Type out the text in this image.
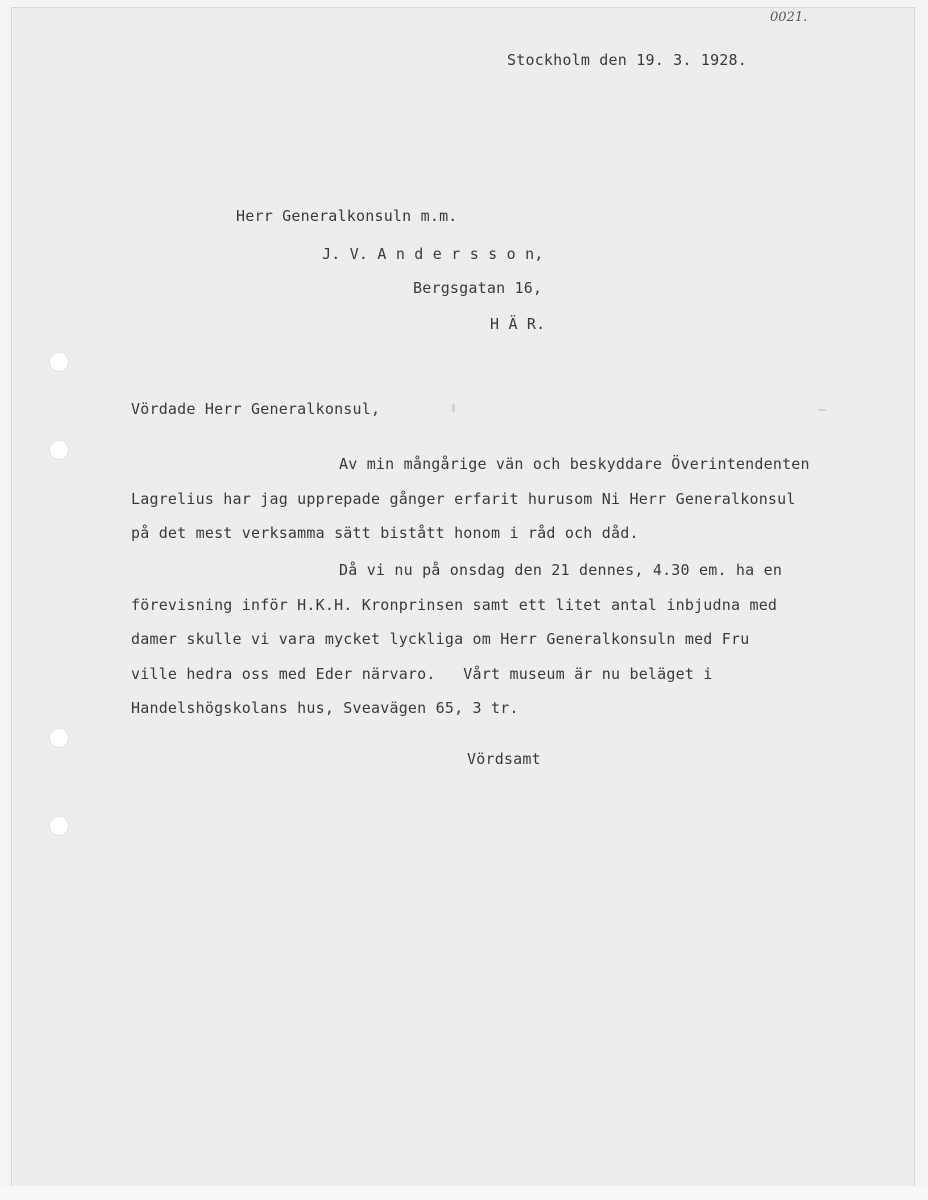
0021.
Stockholm den 19. 3. 1928.
Herr Generalkonsuln m.m.
J. V. A n d e r s s o n,
Bergsgatan 16,
H Ä R.
Vördade Herr Generalkonsul,
Av min mångårige vän och beskyddare Överintendenten
Lagrelius har jag upprepade gånger erfarit hurusom Ni Herr Generalkonsul
på det mest verksamma sätt bistått honom i råd och dåd.
Då vi nu på onsdag den 21 dennes, 4.30 em. ha en
förevisning inför H.K.H. Kronprinsen samt ett litet antal inbjudna med
damer skulle vi vara mycket lyckliga om Herr Generalkonsuln med Fru
ville hedra oss med Eder närvaro.   Vårt museum är nu beläget i
Handelshögskolans hus, Sveavägen 65, 3 tr.
Vördsamt
